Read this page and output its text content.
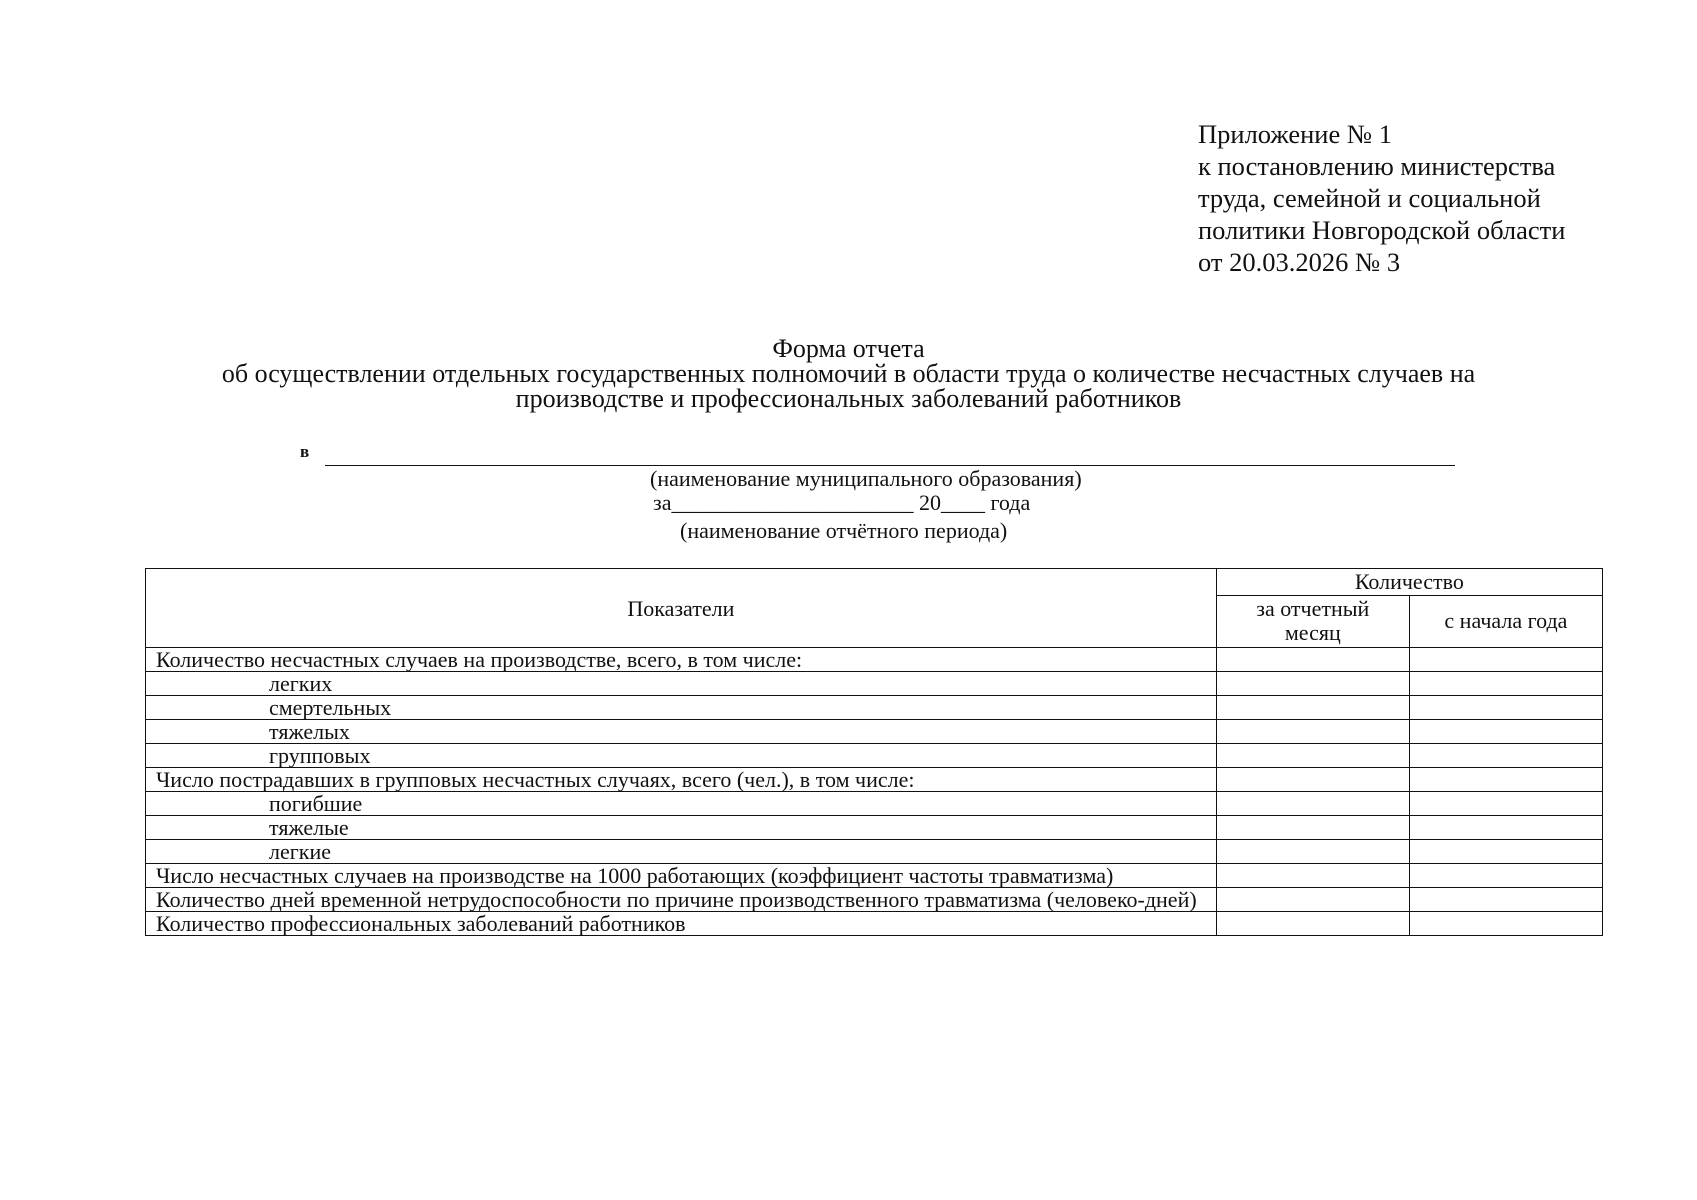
Приложение № 1
к постановлению министерства
труда, семейной и социальной
политики Новгородской области
от 20.03.2026 № 3
Форма отчета
об осуществлении отдельных государственных полномочий в области труда о количестве несчастных случаев на
производстве и профессиональных заболеваний работников
в
(наименование муниципального образования)
за______________________ 20____ года
(наименование отчётного периода)
Показатели	Количество	
	за отчетный месяц	с начала года
Количество несчастных случаев на производстве, всего, в том числе:		
легких		
смертельных		
тяжелых		
групповых		
Число пострадавших в групповых несчастных случаях, всего (чел.), в том числе:		
погибшие		
тяжелые		
легкие		
Число несчастных случаев на производстве на 1000 работающих (коэффициент частоты травматизма)		
Количество дней временной нетрудоспособности по причине производственного травматизма (человеко-дней)		
Количество профессиональных заболеваний работников		
